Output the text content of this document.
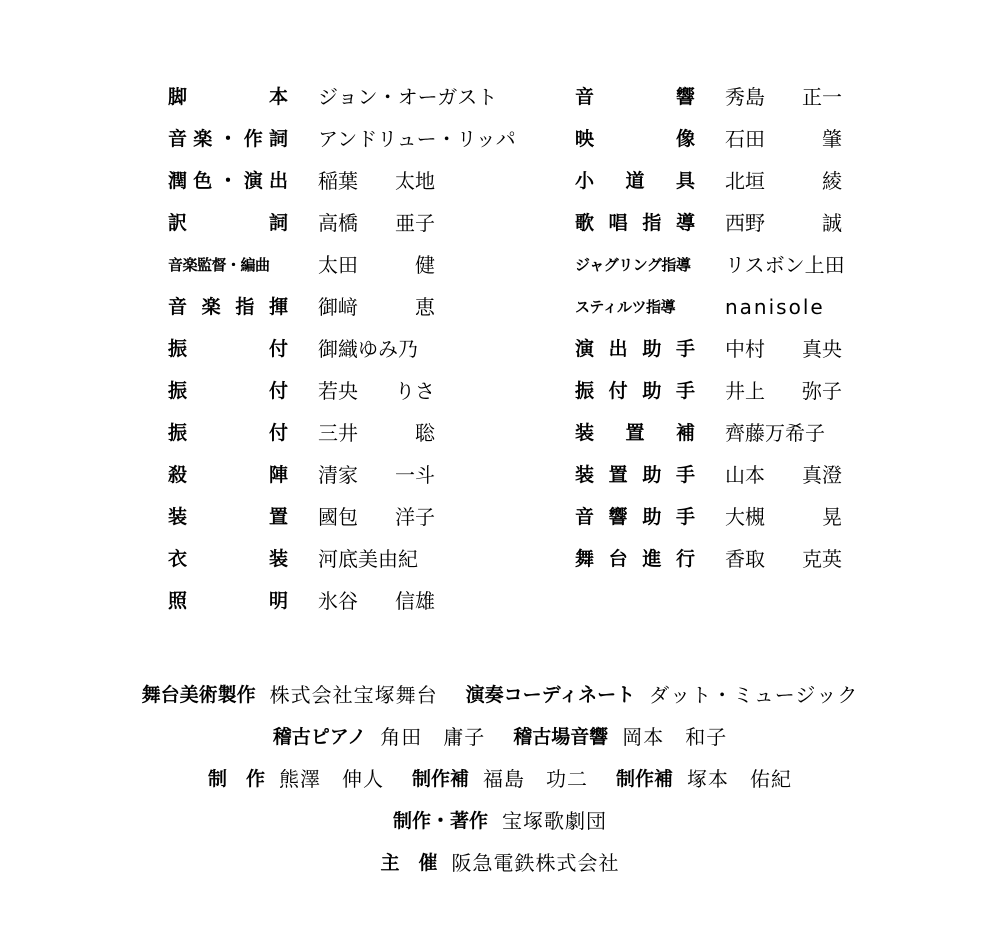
脚	本 ジョン・オーガスト
音 楽 ・ 作 詞 アンドリュー・リッパ
潤 色 ・ 演 出 稲葉 太地
訳	詞 高橋 亜子
音楽監督・編曲	太田	健
音 楽 指 揮 御﨑	恵
振	付 御織ゆみ乃
振	付 若央 りさ
振	付 三井	聡
殺	陣 清家 一斗
装	置 國包 洋子
衣	装 河底美由紀
照	明 氷谷 信雄
音	響 秀島 正一
映	像 石田	肇
小 道 具 北垣	綾
歌 唱 指 導 西野	誠
ジャグリング指導 リスボン上田
スティルツ指導	nanisole
演 出 助 手 中村 真央
振 付 助 手 井上 弥子
装 置 補 齊藤万希子
装 置 助 手 山本 真澄
音 響 助 手 大槻	晃
舞 台 進 行 香取 克英
舞台美術製作 株式会社宝塚舞台 演奏コーディネート ダット・ミュージック
稽古ピアノ 角田　庸子 稽古場音響 岡本　和子
制　作 熊澤　伸人 制作補 福島　功二 制作補 塚本　佑紀
制作・著作 宝塚歌劇団
主　催 阪急電鉄株式会社
